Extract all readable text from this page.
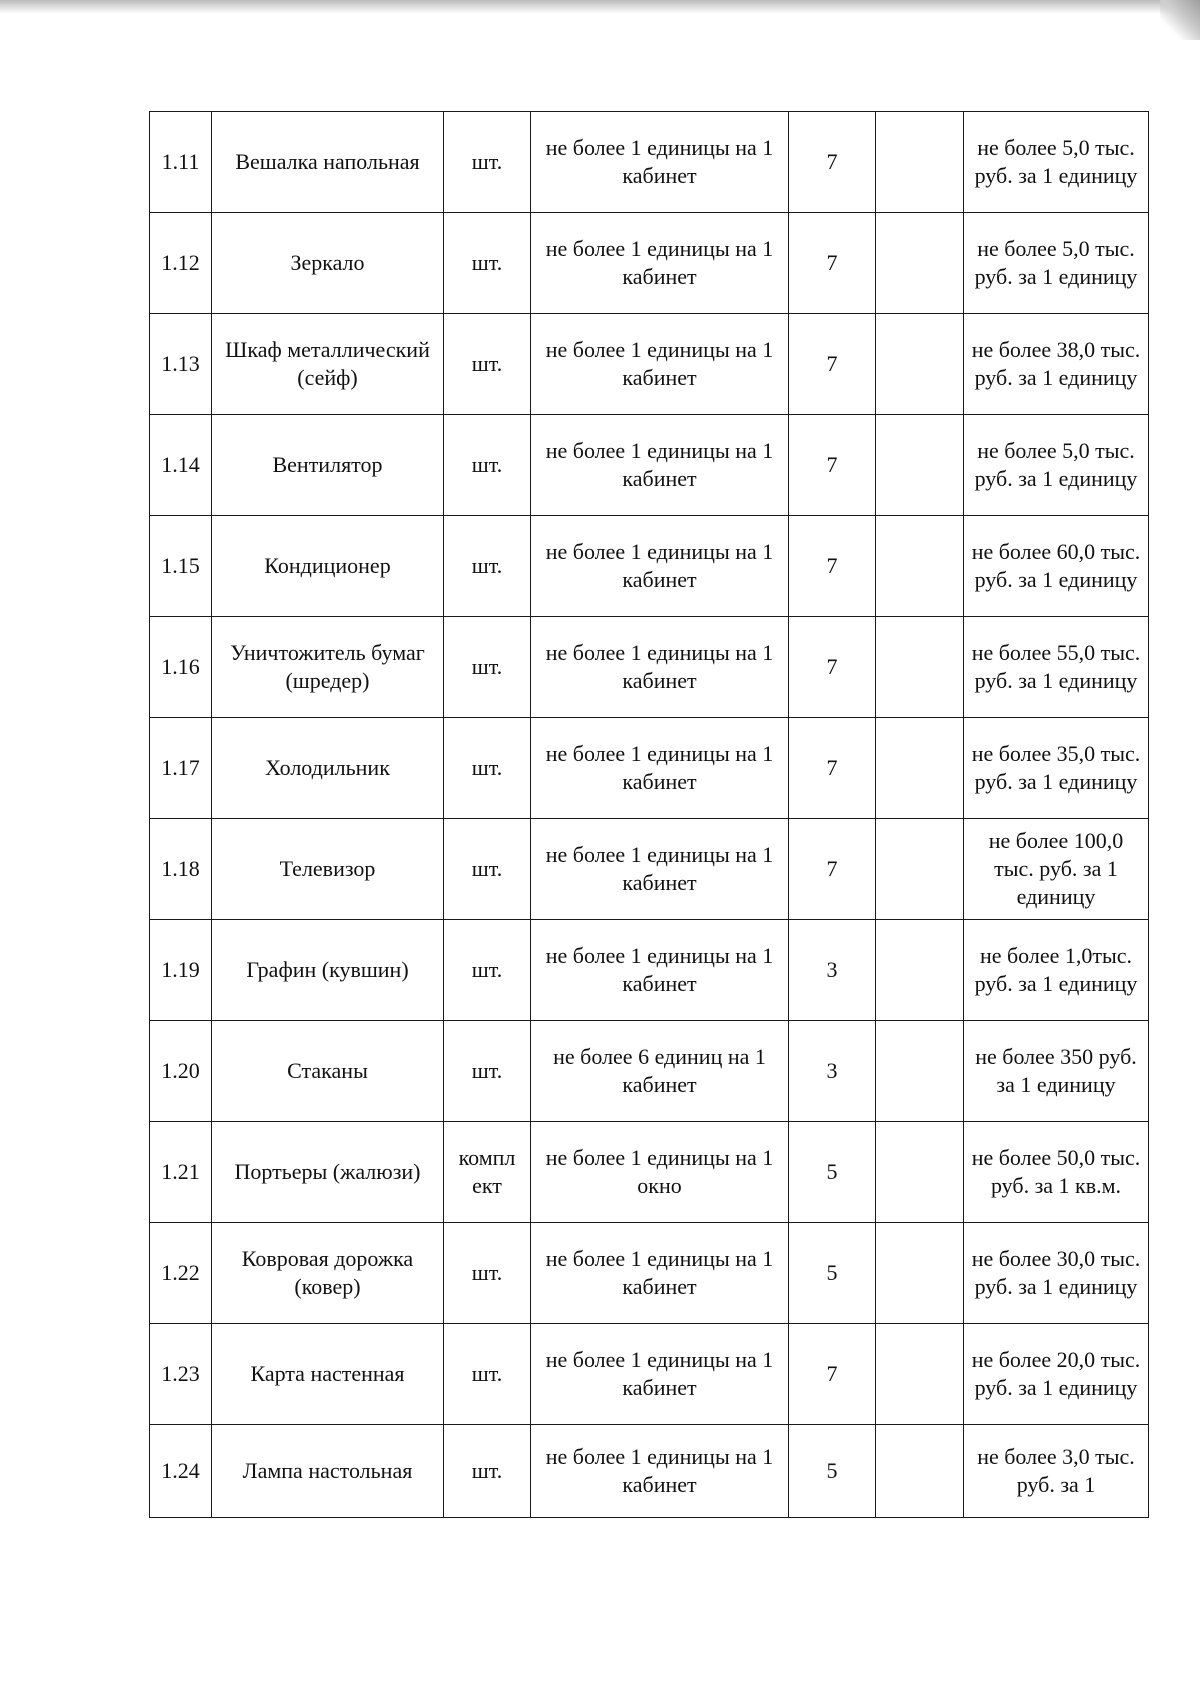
1.11	Вешалка напольная	шт.	не более 1 единицы на 1 кабинет	7		не более 5,0 тыс. руб. за 1 единицу
1.12	Зеркало	шт.	не более 1 единицы на 1 кабинет	7		не более 5,0 тыс. руб. за 1 единицу
1.13	Шкаф металлический (сейф)	шт.	не более 1 единицы на 1 кабинет	7		не более 38,0 тыс. руб. за 1 единицу
1.14	Вентилятор	шт.	не более 1 единицы на 1 кабинет	7		не более 5,0 тыс. руб. за 1 единицу
1.15	Кондиционер	шт.	не более 1 единицы на 1 кабинет	7		не более 60,0 тыс. руб. за 1 единицу
1.16	Уничтожитель бумаг (шредер)	шт.	не более 1 единицы на 1 кабинет	7		не более 55,0 тыс. руб. за 1 единицу
1.17	Холодильник	шт.	не более 1 единицы на 1 кабинет	7		не более 35,0 тыс. руб. за 1 единицу
1.18	Телевизор	шт.	не более 1 единицы на 1 кабинет	7		не более 100,0 тыс. руб. за 1 единицу
1.19	Графин (кувшин)	шт.	не более 1 единицы на 1 кабинет	3		не более 1,0тыс. руб. за 1 единицу
1.20	Стаканы	шт.	не более 6 единиц на 1 кабинет	3		не более 350 руб. за 1 единицу
1.21	Портьеры (жалюзи)	компл ект	не более 1 единицы на 1 окно	5		не более 50,0 тыс. руб. за 1 кв.м.
1.22	Ковровая дорожка (ковер)	шт.	не более 1 единицы на 1 кабинет	5		не более 30,0 тыс. руб. за 1 единицу
1.23	Карта настенная	шт.	не более 1 единицы на 1 кабинет	7		не более 20,0 тыс. руб. за 1 единицу
1.24	Лампа настольная	шт.	не более 1 единицы на 1 кабинет	5		не более 3,0 тыс. руб. за 1
